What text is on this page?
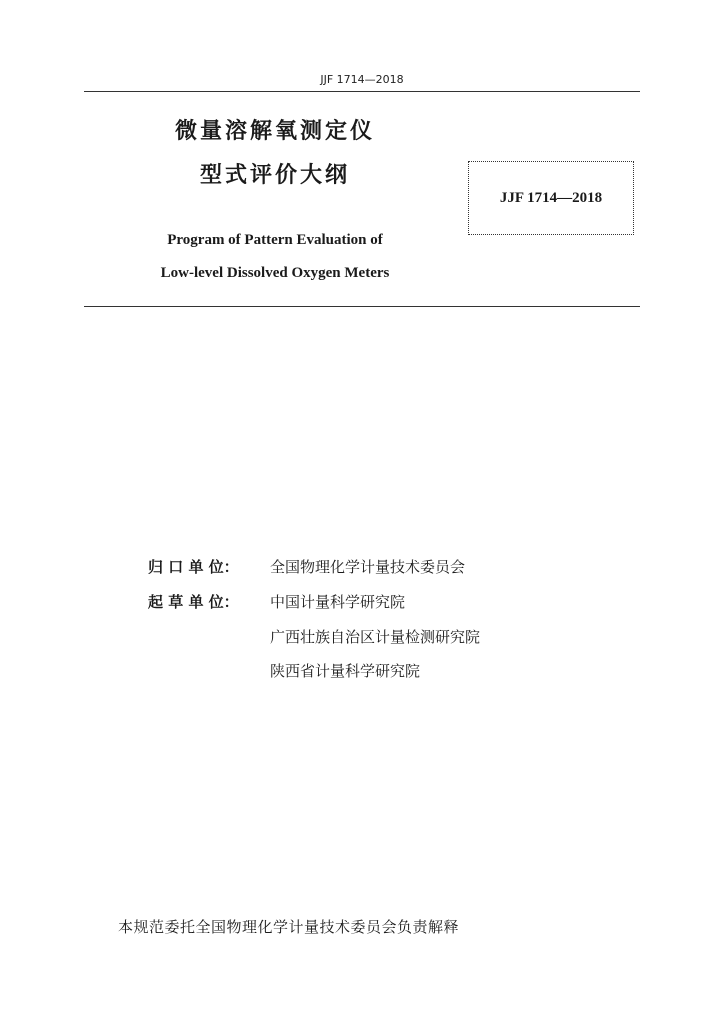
JJF 1714—2018
微量溶解氧测定仪
型式评价大纲
JJF 1714—2018
Program of Pattern Evaluation of
Low-level Dissolved Oxygen Meters
归 口 单 位：	全国物理化学计量技术委员会
起 草 单 位：	中国计量科学研究院
广西壮族自治区计量检测研究院
陕西省计量科学研究院
本规范委托全国物理化学计量技术委员会负责解释
